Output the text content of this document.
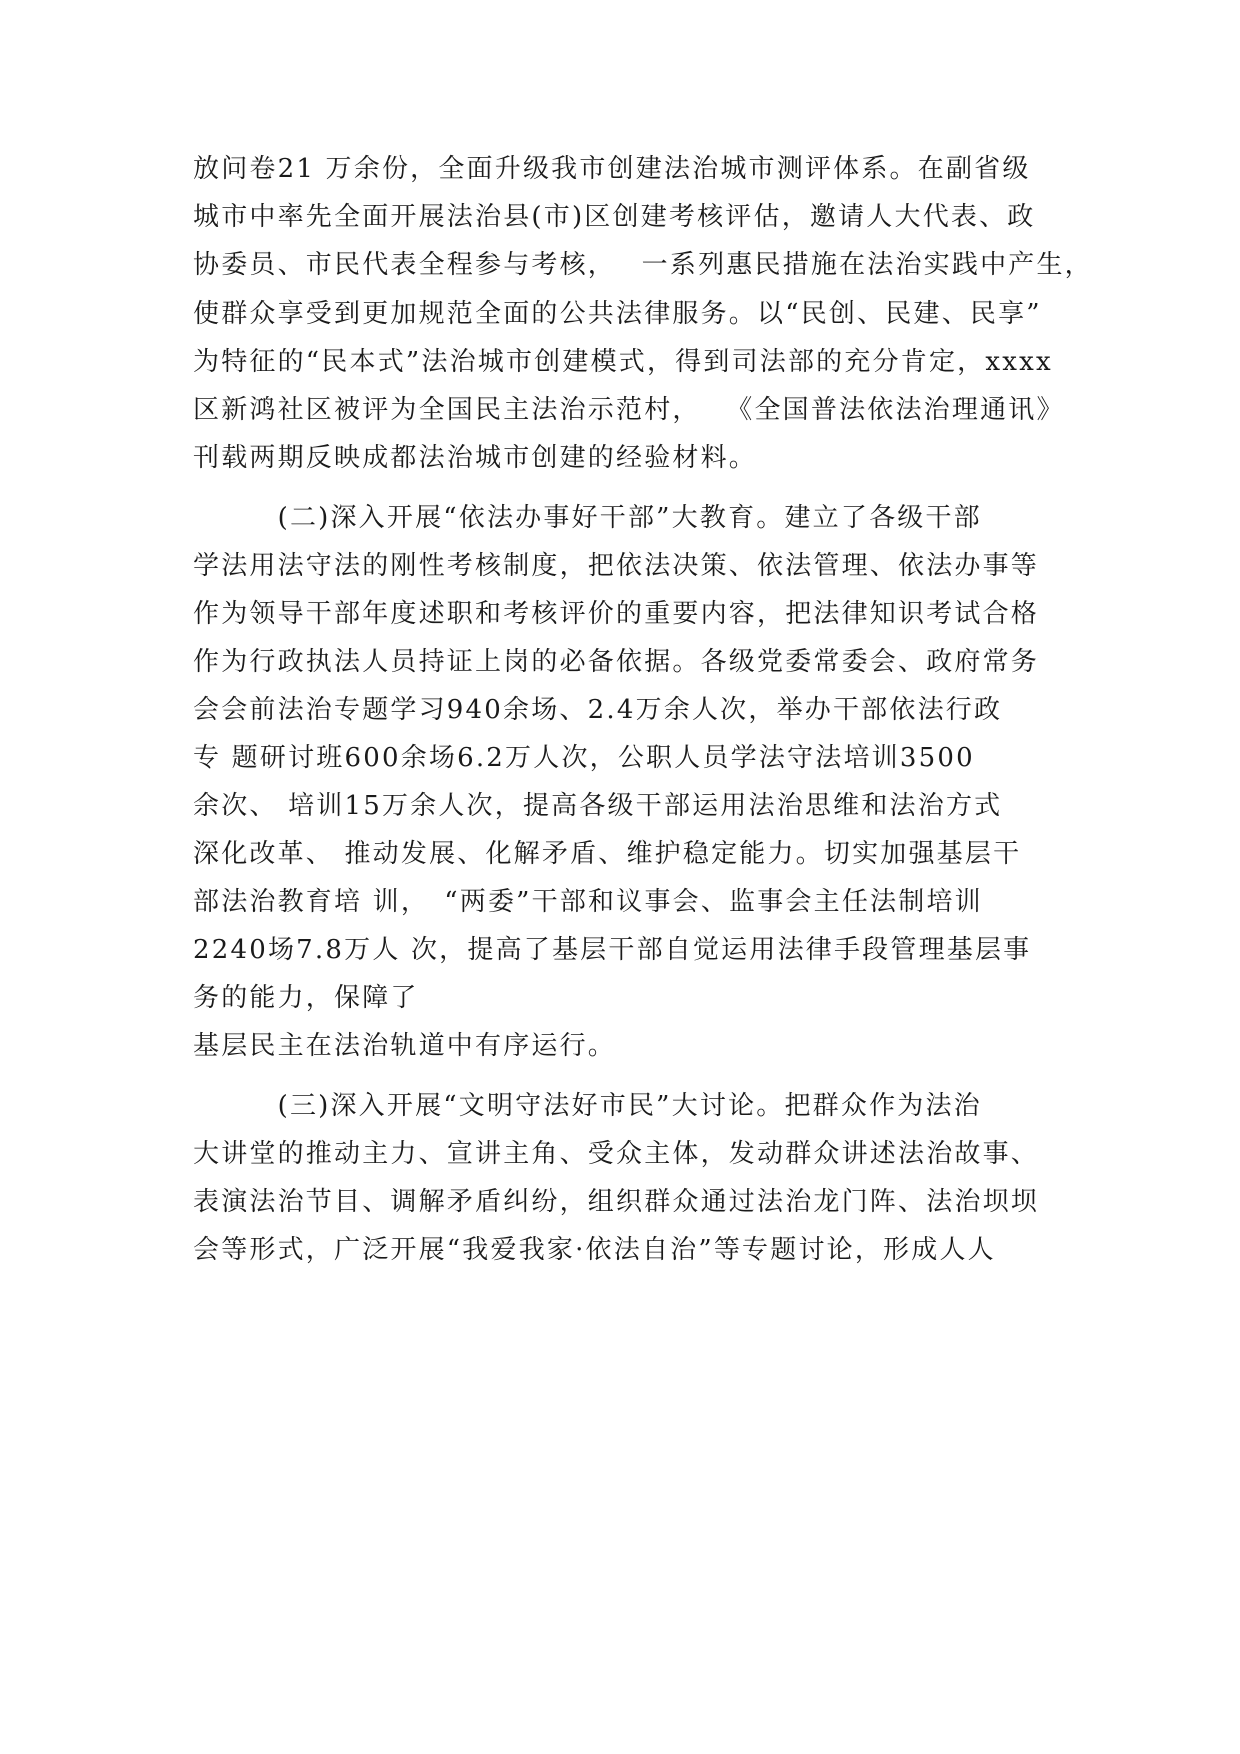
放问卷21 万余份，全面升级我市创建法治城市测评体系。在副省级
城市中率先全面开展法治县(市)区创建考核评估，邀请人大代表、政
协委员、市民代表全程参与考核，　 一系列惠民措施在法治实践中产生，
使群众享受到更加规范全面的公共法律服务。以“民创、民建、民享”
为特征的“民本式”法治城市创建模式，得到司法部的充分肯定，xxxx
区新鸿社区被评为全国民主法治示范村，　 《全国普法依法治理通讯》
刊载两期反映成都法治城市创建的经验材料。
　　　(二)深入开展“依法办事好干部”大教育。建立了各级干部
学法用法守法的刚性考核制度，把依法决策、依法管理、依法办事等
作为领导干部年度述职和考核评价的重要内容，把法律知识考试合格
作为行政执法人员持证上岗的必备依据。各级党委常委会、政府常务
会会前法治专题学习940余场、2.4万余人次，举办干部依法行政
专 题研讨班600余场6.2万人次，公职人员学法守法培训3500
余次、 培训15万余人次，提高各级干部运用法治思维和法治方式
深化改革、 推动发展、化解矛盾、维护稳定能力。切实加强基层干
部法治教育培 训，　“两委”干部和议事会、监事会主任法制培训
2240场7.8万人 次，提高了基层干部自觉运用法律手段管理基层事
务的能力，保障了
基层民主在法治轨道中有序运行。
　　　(三)深入开展“文明守法好市民”大讨论。把群众作为法治
大讲堂的推动主力、宣讲主角、受众主体，发动群众讲述法治故事、
表演法治节目、调解矛盾纠纷，组织群众通过法治龙门阵、法治坝坝
会等形式，广泛开展“我爱我家·依法自治”等专题讨论，形成人人
